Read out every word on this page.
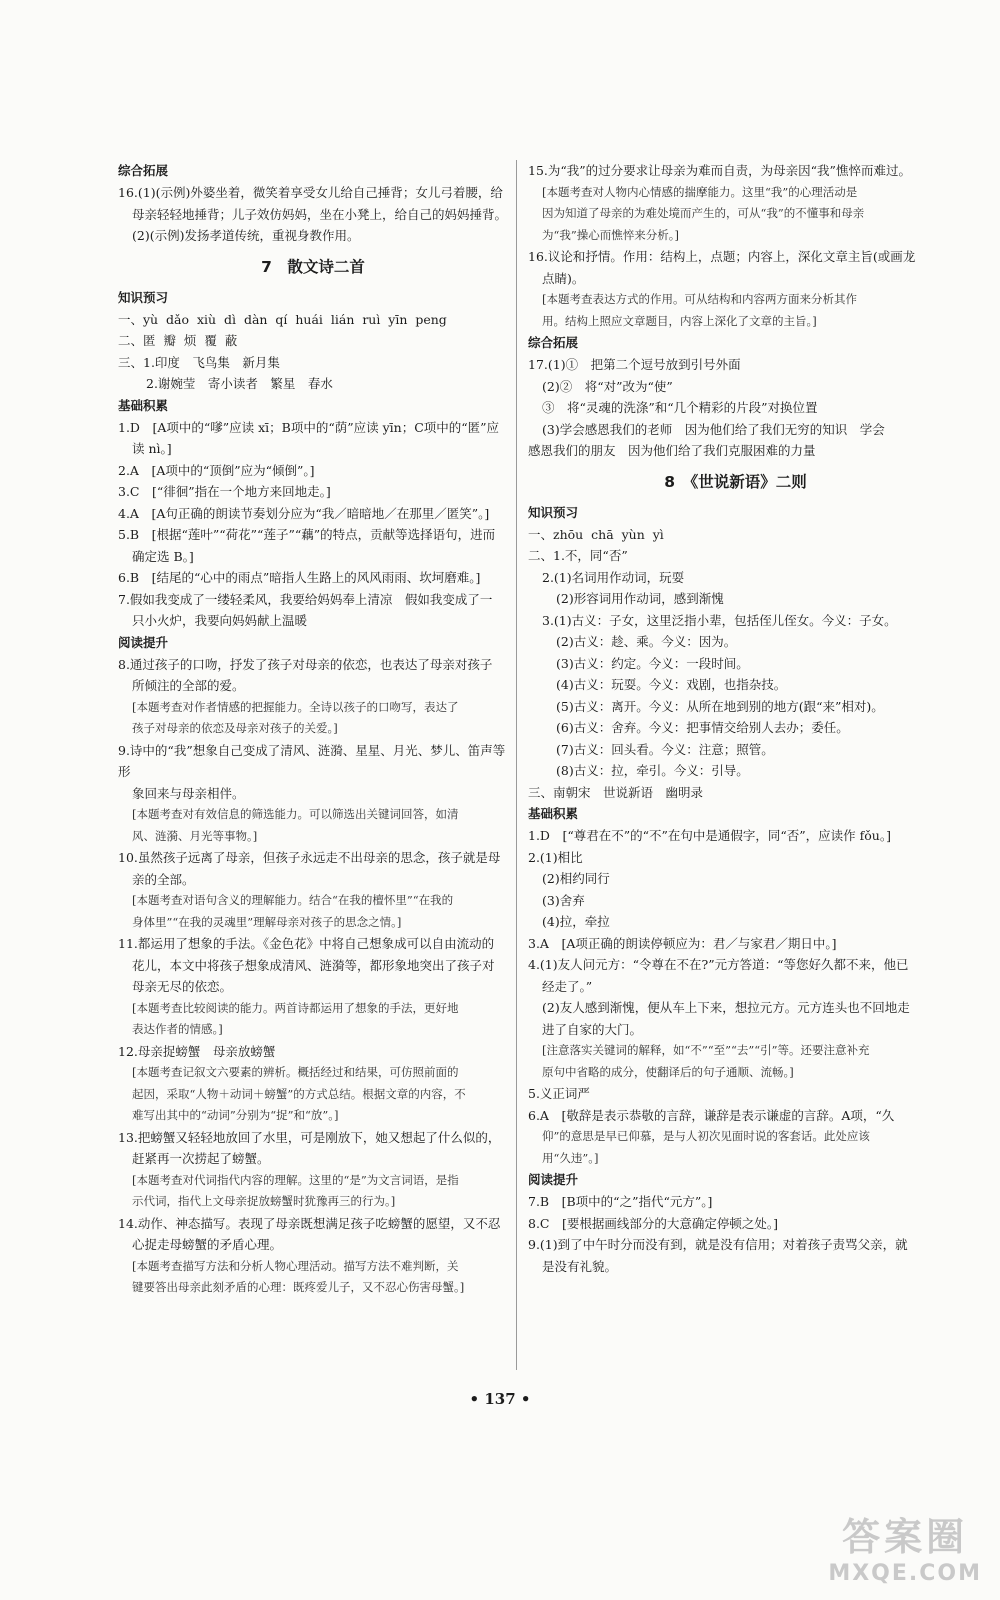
综合拓展

16.(1)(示例)外婆坐着，微笑着享受女儿给自己捶背；女儿弓着腰，给

母亲轻轻地捶背；儿子效仿妈妈，坐在小凳上，给自己的妈妈捶背。

(2)(示例)发扬孝道传统，重视身教作用。

7　散文诗二首

知识预习

一、yù  dǎo  xiù  dì  dàn  qí  huái  lián  ruì  yīn  peng

二、匿  瓣  烦  覆  蔽

三、1.印度　飞鸟集　新月集

2.谢婉莹　寄小读者　繁星　春水

基础积累

1.D　[A项中的“嗲”应读 xī；B项中的“荫”应读 yīn；C项中的“匿”应

读 nì。]

2.A　[A项中的“顶倒”应为“倾倒”。]

3.C　[“徘徊”指在一个地方来回地走。]

4.A　[A句正确的朗读节奏划分应为“我／暗暗地／在那里／匿笑”。]

5.B　[根据“莲叶”“荷花”“莲子”“藕”的特点，贡献等选择语句，进而

确定选 B。]

6.B　[结尾的“心中的雨点”暗指人生路上的风风雨雨、坎坷磨难。]

7.假如我变成了一缕轻柔风，我要给妈妈奉上清凉　假如我变成了一

只小火炉，我要向妈妈献上温暖

阅读提升

8.通过孩子的口吻，抒发了孩子对母亲的依恋，也表达了母亲对孩子

所倾注的全部的爱。

[本题考查对作者情感的把握能力。全诗以孩子的口吻写，表达了

孩子对母亲的依恋及母亲对孩子的关爱。]

9.诗中的“我”想象自己变成了清风、涟漪、星星、月光、梦儿、笛声等形

象回来与母亲相伴。

[本题考查对有效信息的筛选能力。可以筛选出关键词回答，如清

风、涟漪、月光等事物。]

10.虽然孩子远离了母亲，但孩子永远走不出母亲的思念，孩子就是母

亲的全部。

[本题考查对语句含义的理解能力。结合“在我的檀怀里”“在我的

身体里”“在我的灵魂里”理解母亲对孩子的思念之情。]

11.都运用了想象的手法。《金色花》中将自己想象成可以自由流动的

花儿，本文中将孩子想象成清风、涟漪等，都形象地突出了孩子对

母亲无尽的依恋。

[本题考查比较阅读的能力。两首诗都运用了想象的手法，更好地

表达作者的情感。]

12.母亲捉螃蟹　母亲放螃蟹

[本题考查记叙文六要素的辨析。概括经过和结果，可仿照前面的

起因，采取“人物＋动词＋螃蟹”的方式总结。根据文章的内容，不

难写出其中的“动词”分别为“捉”和“放”。]

13.把螃蟹又轻轻地放回了水里，可是刚放下，她又想起了什么似的，

赶紧再一次捞起了螃蟹。

[本题考查对代词指代内容的理解。这里的“是”为文言词语，是指

示代词，指代上文母亲捉放螃蟹时犹豫再三的行为。]

14.动作、神态描写。表现了母亲既想满足孩子吃螃蟹的愿望，又不忍

心捉走母螃蟹的矛盾心理。

[本题考查描写方法和分析人物心理活动。描写方法不难判断，关

键要答出母亲此刻矛盾的心理：既疼爱儿子，又不忍心伤害母蟹。]

15.为“我”的过分要求让母亲为难而自责，为母亲因“我”憔悴而难过。

[本题考查对人物内心情感的揣摩能力。这里“我”的心理活动是

因为知道了母亲的为难处境而产生的，可从“我”的不懂事和母亲

为“我”操心而憔悴来分析。]

16.议论和抒情。作用：结构上，点题；内容上，深化文章主旨(或画龙

点睛)。

[本题考查表达方式的作用。可从结构和内容两方面来分析其作

用。结构上照应文章题目，内容上深化了文章的主旨。]

综合拓展

17.(1)①　把第二个逗号放到引号外面

(2)②　将“对”改为“使”

③　将“灵魂的洗涤”和“几个精彩的片段”对换位置

(3)学会感恩我们的老师　因为他们给了我们无穷的知识　学会

感恩我们的朋友　因为他们给了我们克服困难的力量

8　《世说新语》二则

知识预习

一、zhōu  chā  yùn  yì

二、1.不，同“否”

2.(1)名词用作动词，玩耍

(2)形容词用作动词，感到渐愧

3.(1)古义：子女，这里泛指小辈，包括侄儿侄女。今义：子女。

(2)古义：趁、乘。今义：因为。

(3)古义：约定。今义：一段时间。

(4)古义：玩耍。今义：戏剧，也指杂技。

(5)古义：离开。今义：从所在地到别的地方(跟“来”相对)。

(6)古义：舍弃。今义：把事情交给别人去办；委任。

(7)古义：回头看。今义：注意；照管。

(8)古义：拉，牵引。今义：引导。

三、南朝宋　世说新语　幽明录

基础积累

1.D　[“尊君在不”的“不”在句中是通假字，同“否”，应读作 fǒu。]

2.(1)相比

(2)相约同行

(3)舍弃

(4)拉，牵拉

3.A　[A项正确的朗读停顿应为：君／与家君／期日中。]

4.(1)友人问元方：“令尊在不在?”元方答道：“等您好久都不来，他已

经走了。”

(2)友人感到渐愧，便从车上下来，想拉元方。元方连头也不回地走

进了自家的大门。

[注意落实关键词的解释，如“不”“至”“去”“引”等。还要注意补充

原句中省略的成分，使翻译后的句子通顺、流畅。]

5.义正词严

6.A　[敬辞是表示恭敬的言辞，谦辞是表示谦虚的言辞。A项，“久

仰”的意思是早已仰慕，是与人初次见面时说的客套话。此处应该

用“久违”。]

阅读提升

7.B　[B项中的“之”指代“元方”。]

8.C　[要根据画线部分的大意确定停顿之处。]

9.(1)到了中午时分而没有到，就是没有信用；对着孩子责骂父亲，就

是没有礼貌。

• 137 •
答案圈
MXQE.COM
